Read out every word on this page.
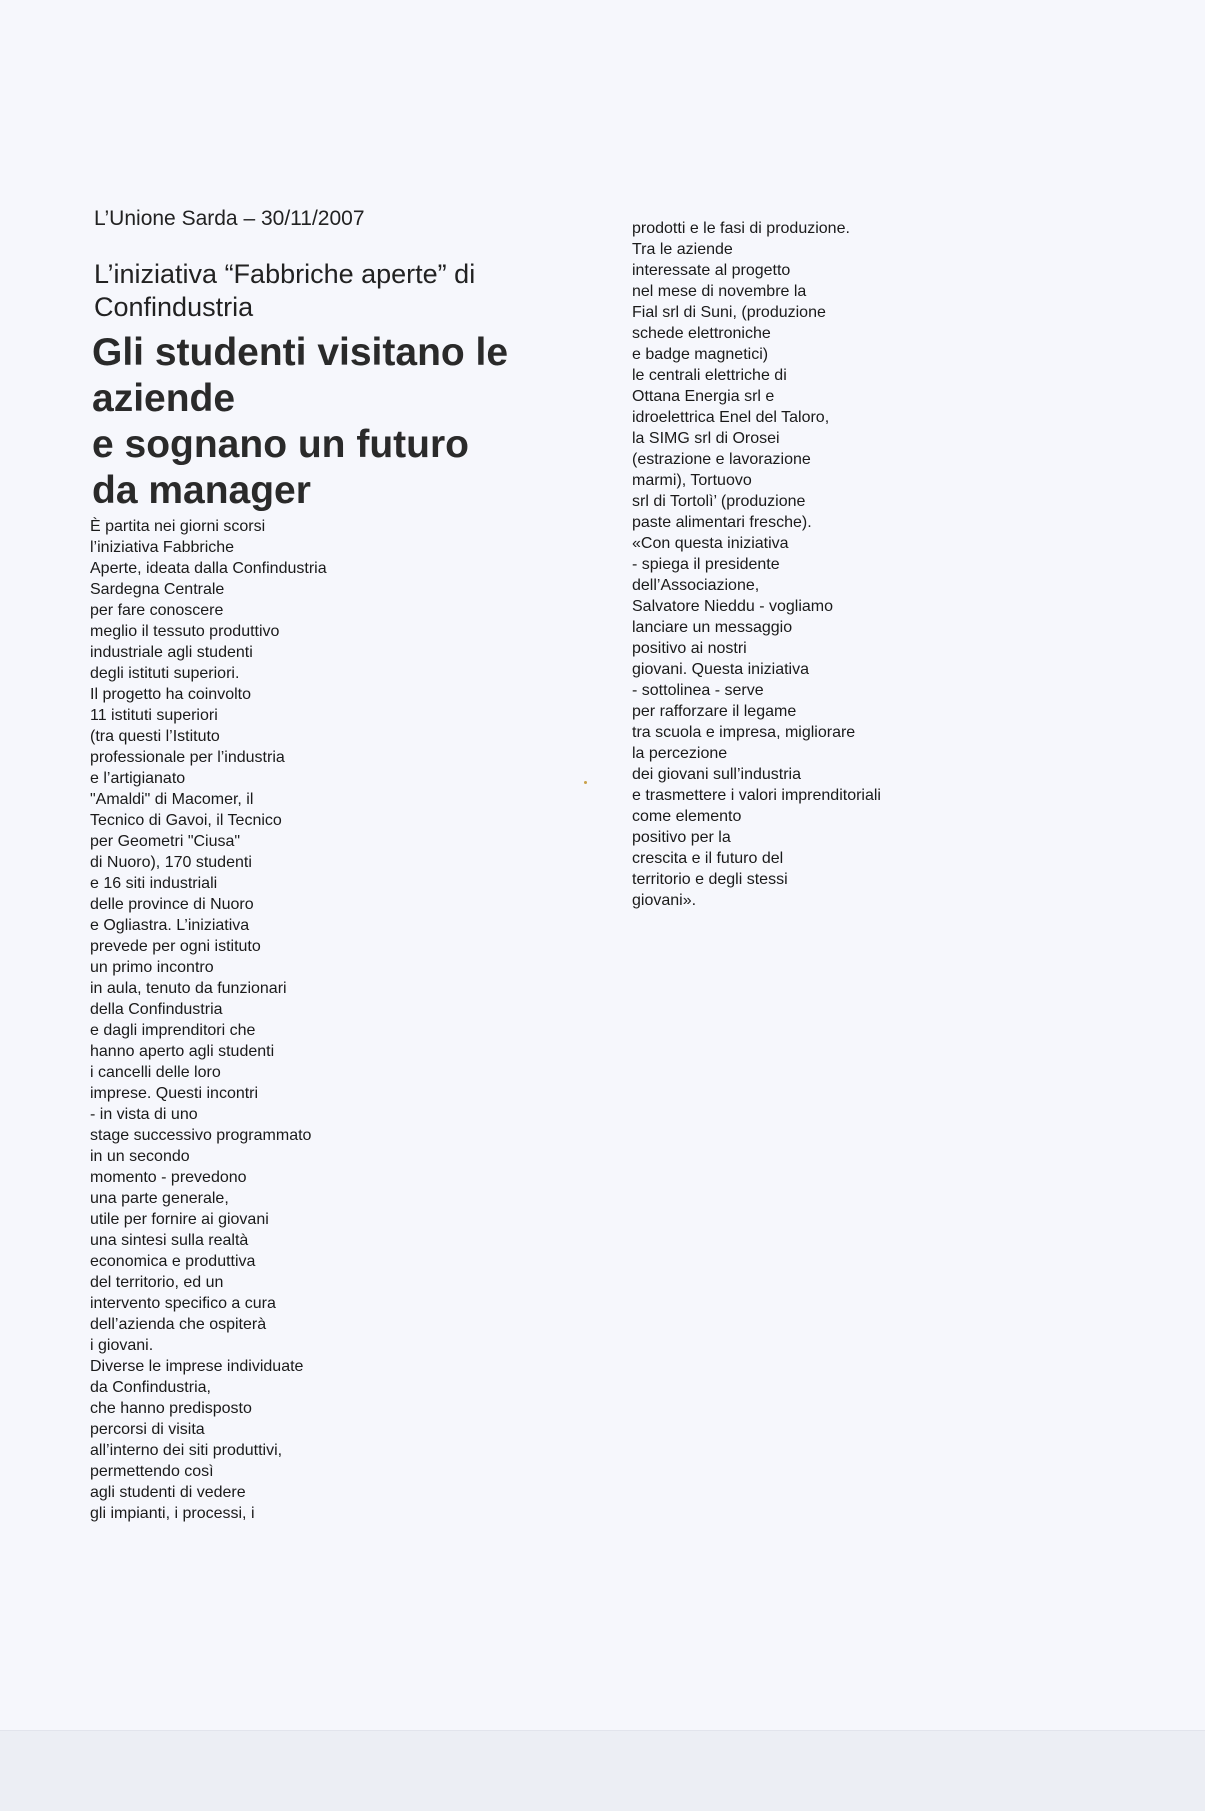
L’Unione Sarda – 30/11/2007
L’iniziativa “Fabbriche aperte” di
Confindustria
Gli studenti visitano le
aziende
e sognano un futuro
da manager
È partita nei giorni scorsi
l’iniziativa Fabbriche
Aperte, ideata dalla Confindustria
Sardegna Centrale
per fare conoscere
meglio il tessuto produttivo
industriale agli studenti
degli istituti superiori.
Il progetto ha coinvolto
11 istituti superiori
(tra questi l’Istituto
professionale per l’industria
e l’artigianato
"Amaldi" di Macomer, il
Tecnico di Gavoi, il Tecnico
per Geometri "Ciusa"
di Nuoro), 170 studenti
e 16 siti industriali
delle province di Nuoro
e Ogliastra. L’iniziativa
prevede per ogni istituto
un primo incontro
in aula, tenuto da funzionari
della Confindustria
e dagli imprenditori che
hanno aperto agli studenti
i cancelli delle loro
imprese. Questi incontri
- in vista di uno
stage successivo programmato
in un secondo
momento - prevedono
una parte generale,
utile per fornire ai giovani
una sintesi sulla realtà
economica e produttiva
del territorio, ed un
intervento specifico a cura
dell’azienda che ospiterà
i giovani.
Diverse le imprese individuate
da Confindustria,
che hanno predisposto
percorsi di visita
all’interno dei siti produttivi,
permettendo così
agli studenti di vedere
gli impianti, i processi, i
prodotti e le fasi di produzione.
Tra le aziende
interessate al progetto
nel mese di novembre la
Fial srl di Suni, (produzione
schede elettroniche
e badge magnetici)
le centrali elettriche di
Ottana Energia srl e
idroelettrica Enel del Taloro,
la SIMG srl di Orosei
(estrazione e lavorazione
marmi), Tortuovo
srl di Tortolì’ (produzione
paste alimentari fresche).
«Con questa iniziativa
- spiega il presidente
dell’Associazione,
Salvatore Nieddu - vogliamo
lanciare un messaggio
positivo ai nostri
giovani. Questa iniziativa
- sottolinea - serve
per rafforzare il legame
tra scuola e impresa, migliorare
la percezione
dei giovani sull’industria
e trasmettere i valori imprenditoriali
come elemento
positivo per la
crescita e il futuro del
territorio e degli stessi
giovani».
